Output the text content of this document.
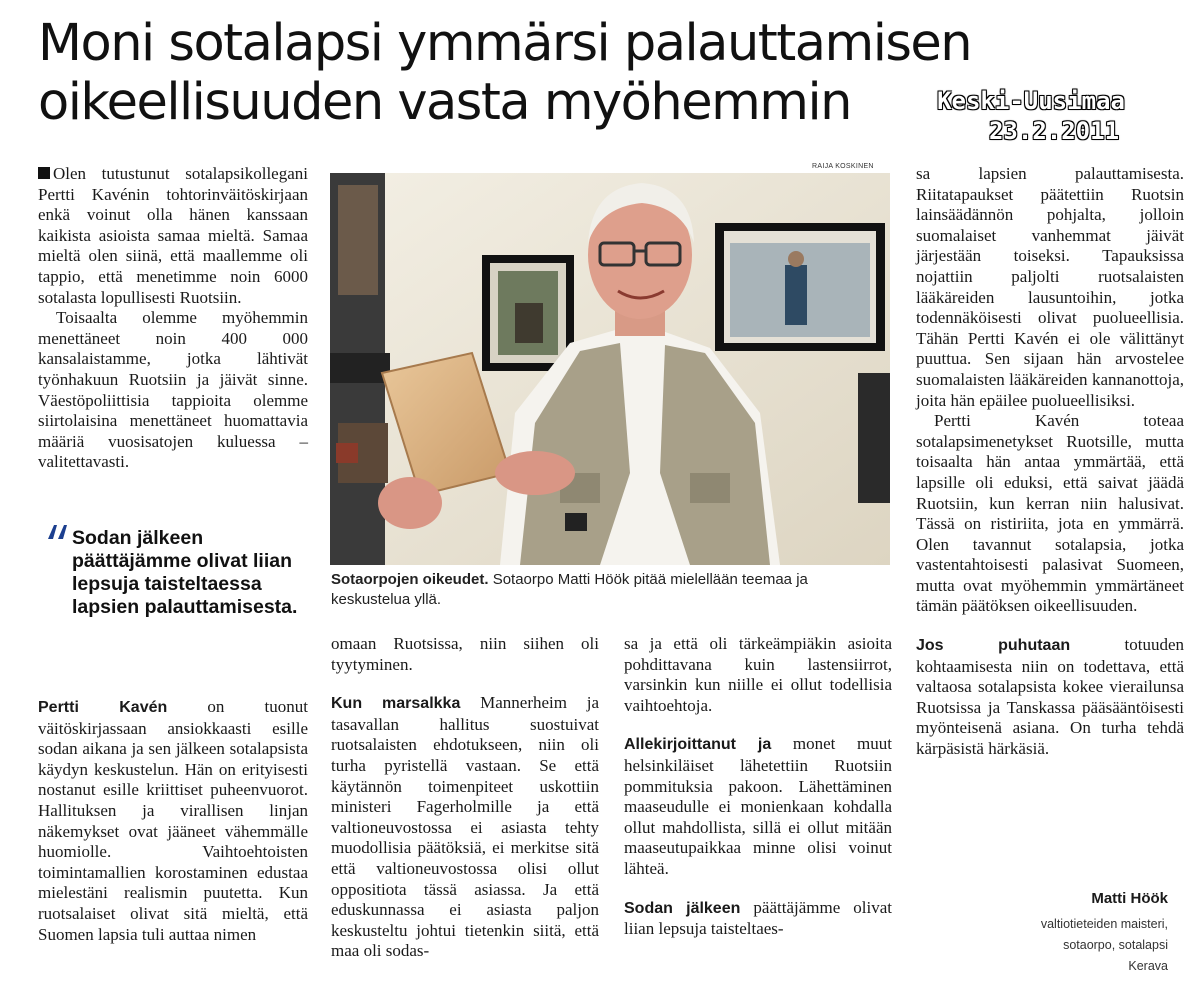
Moni sotalapsi ymmärsi palauttamisen oikeellisuuden vasta myöhemmin	Keski-Uusimaa
23.2.2011

Olen tutustunut sotalapsikollegani Pertti Kavénin tohtorinväitöskirjaan enkä voinut olla hänen kanssaan kaikista asioista samaa mieltä. Samaa mieltä olen siinä, että maallemme oli tappio, että menetimme noin 6000 sotalasta lopullisesti Ruotsiin.

Toisaalta olemme myöhemmin menettäneet noin 400 000 kansalaistamme, jotka lähtivät työnhakuun Ruotsiin ja jäivät sinne. Väestöpoliittisia tappioita olemme siirtolaisina menettäneet huomattavia määriä vuosisatojen kuluessa – valitettavasti.

Sodan jälkeen päättäjämme olivat liian lepsuja taisteltaessa lapsien palauttamisesta.

Pertti Kavén on tuonut väitöskirjassaan ansiokkaasti esille sodan aikana ja sen jälkeen sotalapsista käydyn keskustelun. Hän on erityisesti nostanut esille kriittiset puheenvuorot. Hallituksen ja virallisen linjan näkemykset ovat jääneet vähemmälle huomiolle. Vaihtoehtoisten toimintamallien korostaminen edustaa mielestäni realismin puutetta. Kun ruotsalaiset olivat sitä mieltä, että Suomen lapsia tuli auttaa nimen

RAIJA KOSKINEN
Sotaorpojen oikeudet. Sotaorpo Matti Höök pitää mielellään teemaa ja keskustelua yllä.

omaan Ruotsissa, niin siihen oli tyytyminen.

Kun marsalkka Mannerheim ja tasavallan hallitus suostuivat ruotsalaisten ehdotukseen, niin oli turha pyristellä vastaan. Se että käytännön toimenpiteet uskottiin ministeri Fagerholmille ja että valtioneuvostossa ei asiasta tehty muodollisia päätöksiä, ei merkitse sitä että valtioneuvostossa olisi ollut oppositiota tässä asiassa. Ja että eduskunnassa ei asiasta paljon keskusteltu johtui tietenkin siitä, että maa oli sodas-

sa ja että oli tärkeämpiäkin asioita pohdittavana kuin lastensiirrot, varsinkin kun niille ei ollut todellisia vaihtoehtoja.

Allekirjoittanut ja monet muut helsinkiläiset lähetettiin Ruotsiin pommituksia pakoon. Lähettäminen maaseudulle ei monienkaan kohdalla ollut mahdollista, sillä ei ollut mitään maaseutupaikkaa minne olisi voinut lähteä.

Sodan jälkeen päättäjämme olivat liian lepsuja taisteltaes-

sa lapsien palauttamisesta. Riitatapaukset päätettiin Ruotsin lainsäädännön pohjalta, jolloin suomalaiset vanhemmat jäivät järjestään toiseksi. Tapauksissa nojattiin paljolti ruotsalaisten lääkäreiden lausuntoihin, jotka todennäköisesti olivat puolueellisia. Tähän Pertti Kavén ei ole välittänyt puuttua. Sen sijaan hän arvostelee suomalaisten lääkäreiden kannanottoja, joita hän epäilee puolueellisiksi.

Pertti Kavén toteaa sotalapsimenetykset Ruotsille, mutta toisaalta hän antaa ymmärtää, että lapsille oli eduksi, että saivat jäädä Ruotsiin, kun kerran niin halusivat. Tässä on ristiriita, jota en ymmärrä. Olen tavannut sotalapsia, jotka vastentahtoisesti palasivat Suomeen, mutta ovat myöhemmin ymmärtäneet tämän päätöksen oikeellisuuden.

Jos puhutaan	totuuden kohtaamisesta niin on todettava, että valtaosa sotalapsista kokee vierailunsa Ruotsissa ja Tanskassa pääsääntöisesti myönteisenä asiana. On turha tehdä kärpäsistä härkäsiä.

Matti Höök
valtiotieteiden maisteri,
sotaorpo, sotalapsi
Kerava
